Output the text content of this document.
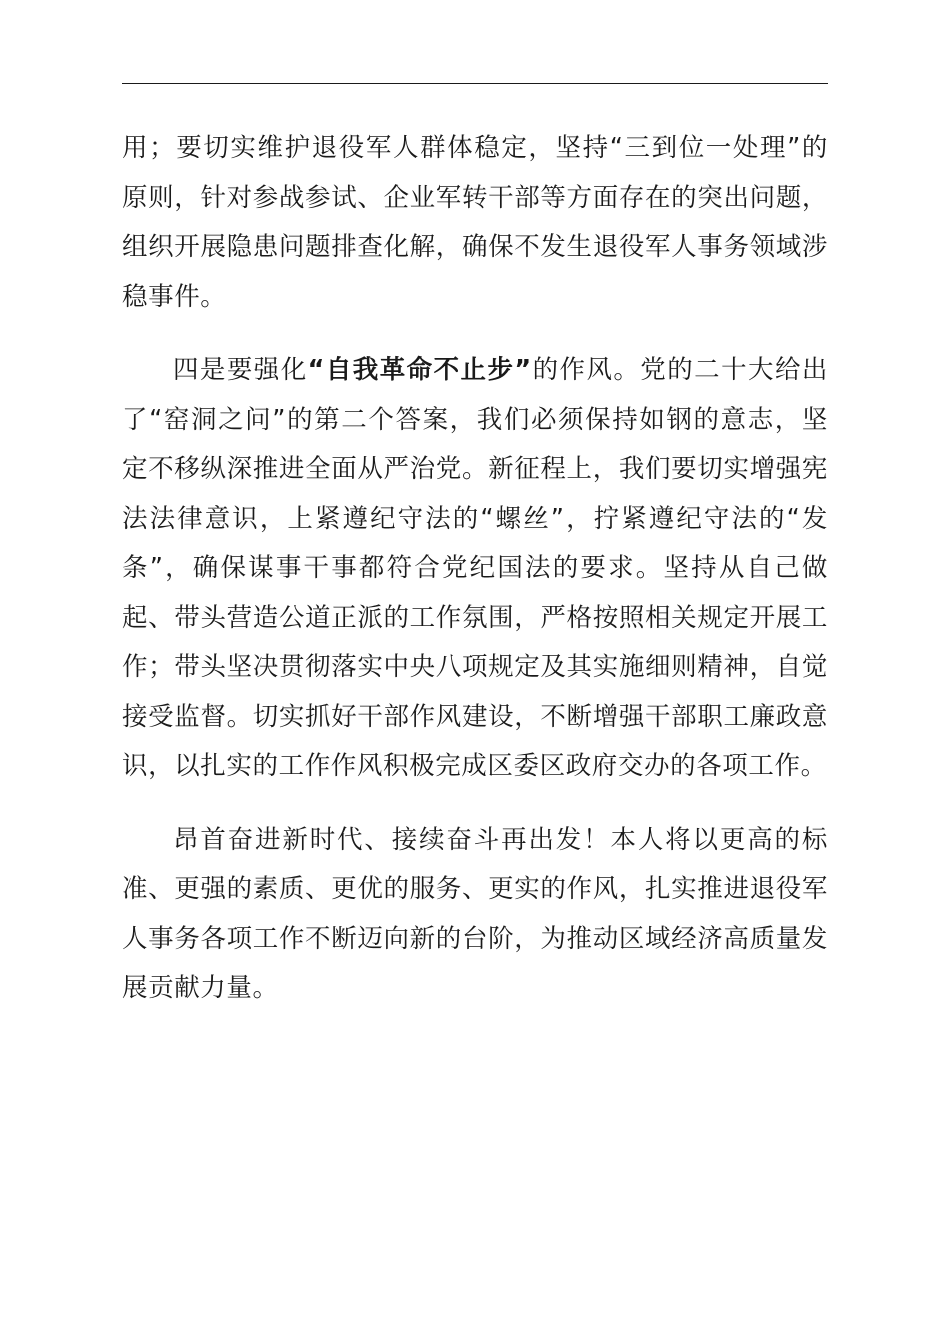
用；要切实维护退役军人群体稳定，坚持“三到位一处理”的原则，针对参战参试、企业军转干部等方面存在的突出问题，组织开展隐患问题排查化解，确保不发生退役军人事务领域涉稳事件。

四是要强化“自我革命不止步”的作风。党的二十大给出了“窑洞之问”的第二个答案，我们必须保持如钢的意志，坚定不移纵深推进全面从严治党。新征程上，我们要切实增强宪法法律意识，上紧遵纪守法的“螺丝”，拧紧遵纪守法的“发条”，确保谋事干事都符合党纪国法的要求。坚持从自己做起、带头营造公道正派的工作氛围，严格按照相关规定开展工作；带头坚决贯彻落实中央八项规定及其实施细则精神，自觉接受监督。切实抓好干部作风建设，不断增强干部职工廉政意识，以扎实的工作作风积极完成区委区政府交办的各项工作。

昂首奋进新时代、接续奋斗再出发！本人将以更高的标准、更强的素质、更优的服务、更实的作风，扎实推进退役军人事务各项工作不断迈向新的台阶，为推动区域经济高质量发展贡献力量。
